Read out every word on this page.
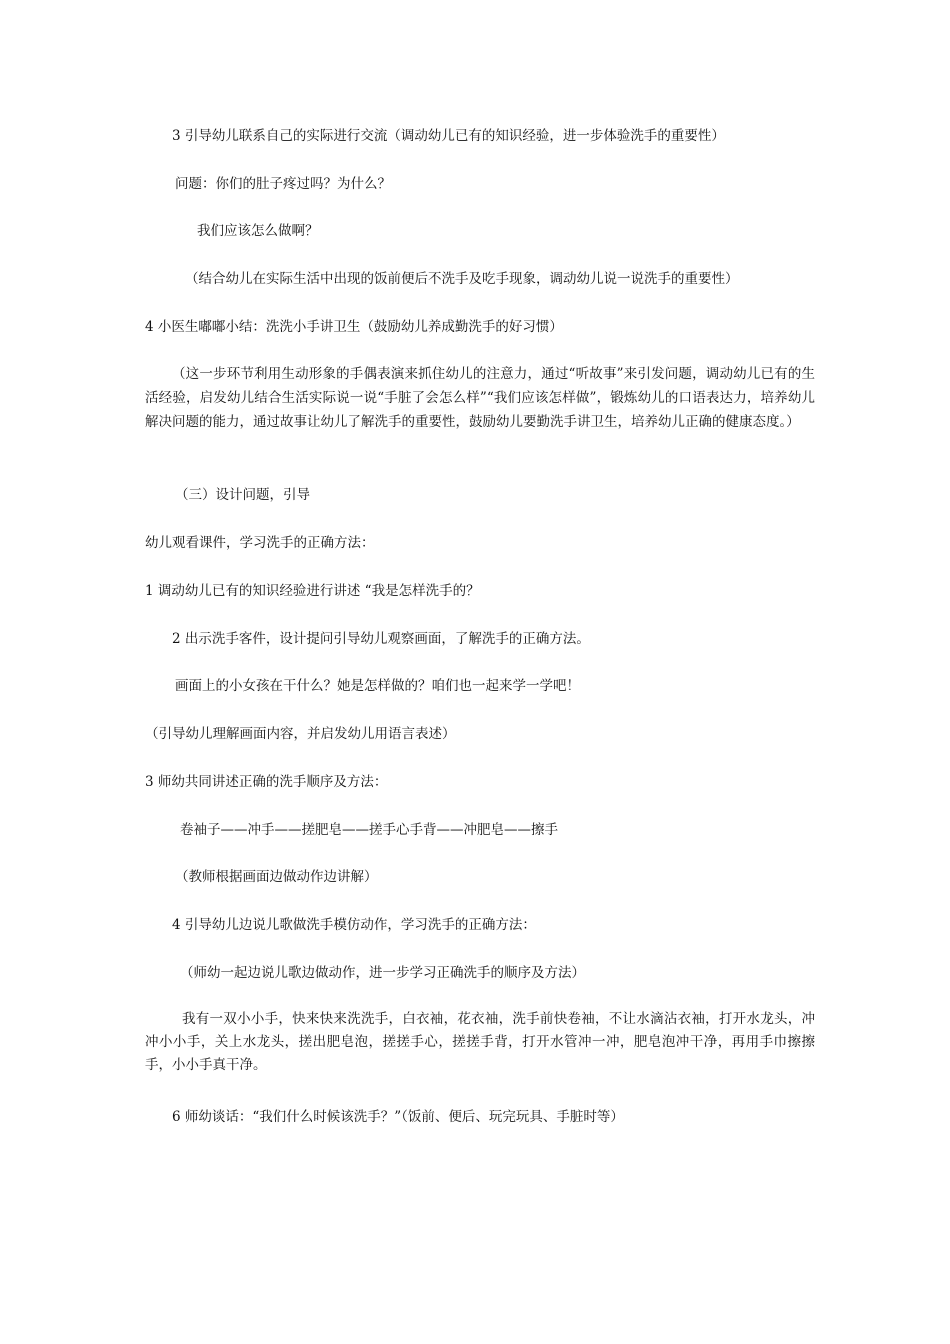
3 引导幼儿联系自己的实际进行交流（调动幼儿已有的知识经验，进一步体验洗手的重要性）
问题：你们的肚子疼过吗？为什么？
我们应该怎么做啊？
（结合幼儿在实际生活中出现的饭前便后不洗手及吃手现象，调动幼儿说一说洗手的重要性）
4 小医生嘟嘟小结：洗洗小手讲卫生（鼓励幼儿养成勤洗手的好习惯）
（这一步环节利用生动形象的手偶表演来抓住幼儿的注意力，通过“听故事”来引发问题，调动幼儿已有的生活经验，启发幼儿结合生活实际说一说“手脏了会怎么样”“我们应该怎样做”，锻炼幼儿的口语表达力，培养幼儿解决问题的能力，通过故事让幼儿了解洗手的重要性，鼓励幼儿要勤洗手讲卫生，培养幼儿正确的健康态度。）
（三）设计问题，引导
幼儿观看课件，学习洗手的正确方法：
1 调动幼儿已有的知识经验进行讲述 “我是怎样洗手的？
2 出示洗手客件，设计提问引导幼儿观察画面，了解洗手的正确方法。
画面上的小女孩在干什么？她是怎样做的？咱们也一起来学一学吧！
（引导幼儿理解画面内容，并启发幼儿用语言表述）
3 师幼共同讲述正确的洗手顺序及方法：
卷袖子——冲手——搓肥皂——搓手心手背——冲肥皂——擦手
（教师根据画面边做动作边讲解）
4 引导幼儿边说儿歌做洗手模仿动作，学习洗手的正确方法：
（师幼一起边说儿歌边做动作，进一步学习正确洗手的顺序及方法）
我有一双小小手，快来快来洗洗手，白衣袖，花衣袖，洗手前快卷袖，不让水滴沾衣袖，打开水龙头，冲冲小小手，关上水龙头，搓出肥皂泡，搓搓手心，搓搓手背，打开水管冲一冲，肥皂泡冲干净，再用手巾擦擦手，小小手真干净。
6 师幼谈话：“我们什么时候该洗手？”（饭前、便后、玩完玩具、手脏时等）
